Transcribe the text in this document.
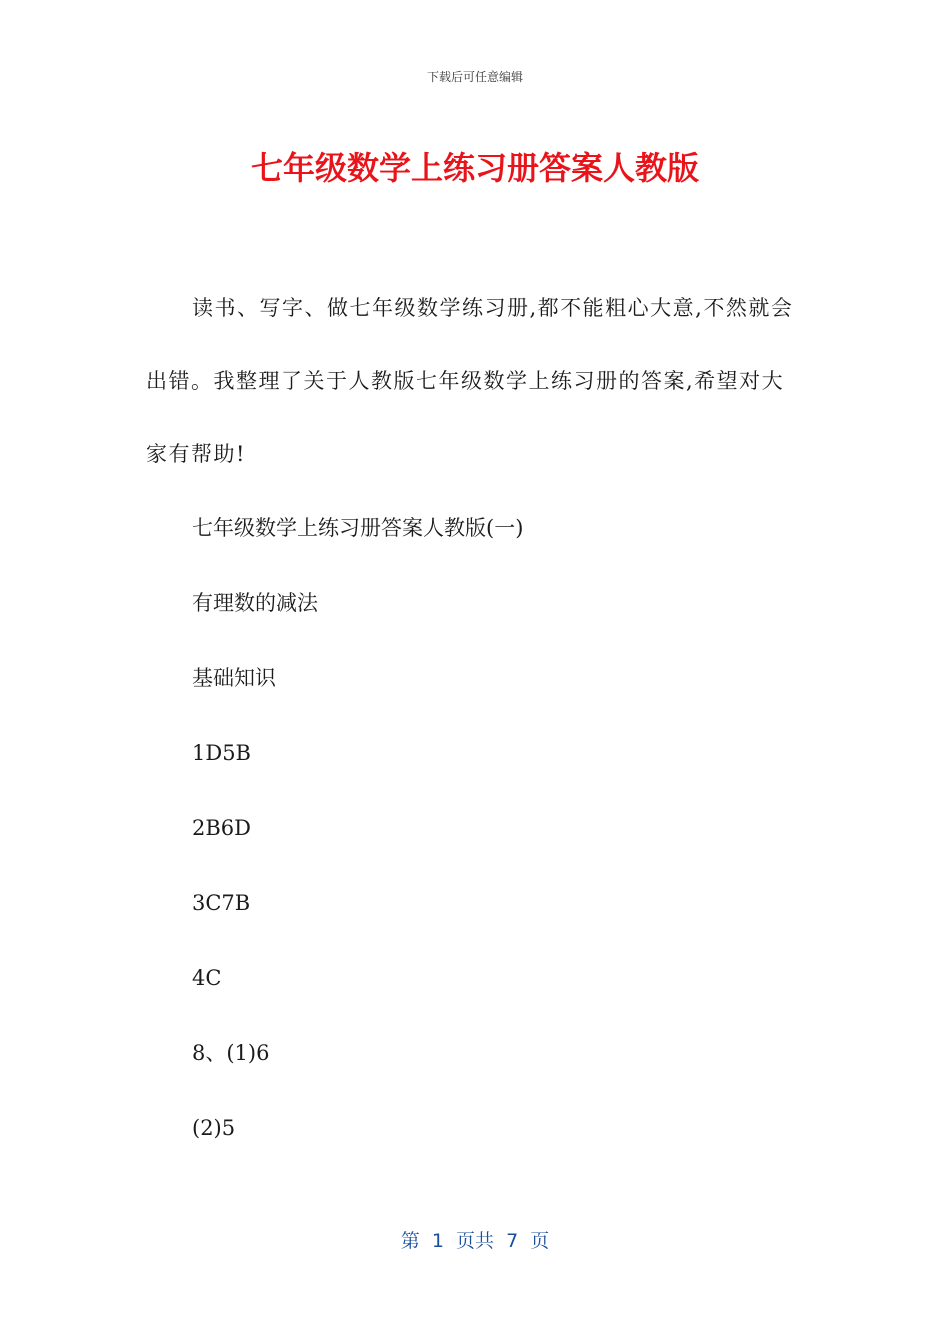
下载后可任意编辑
七年级数学上练习册答案人教版

读书、写字、做七年级数学练习册,都不能粗心大意,不然就会出错。我整理了关于人教版七年级数学上练习册的答案,希望对大家有帮助!

七年级数学上练习册答案人教版(一)

有理数的减法

基础知识

1D5B

2B6D

3C7B

4C

8、(1)6

(2)5

第  1  页共  7  页
